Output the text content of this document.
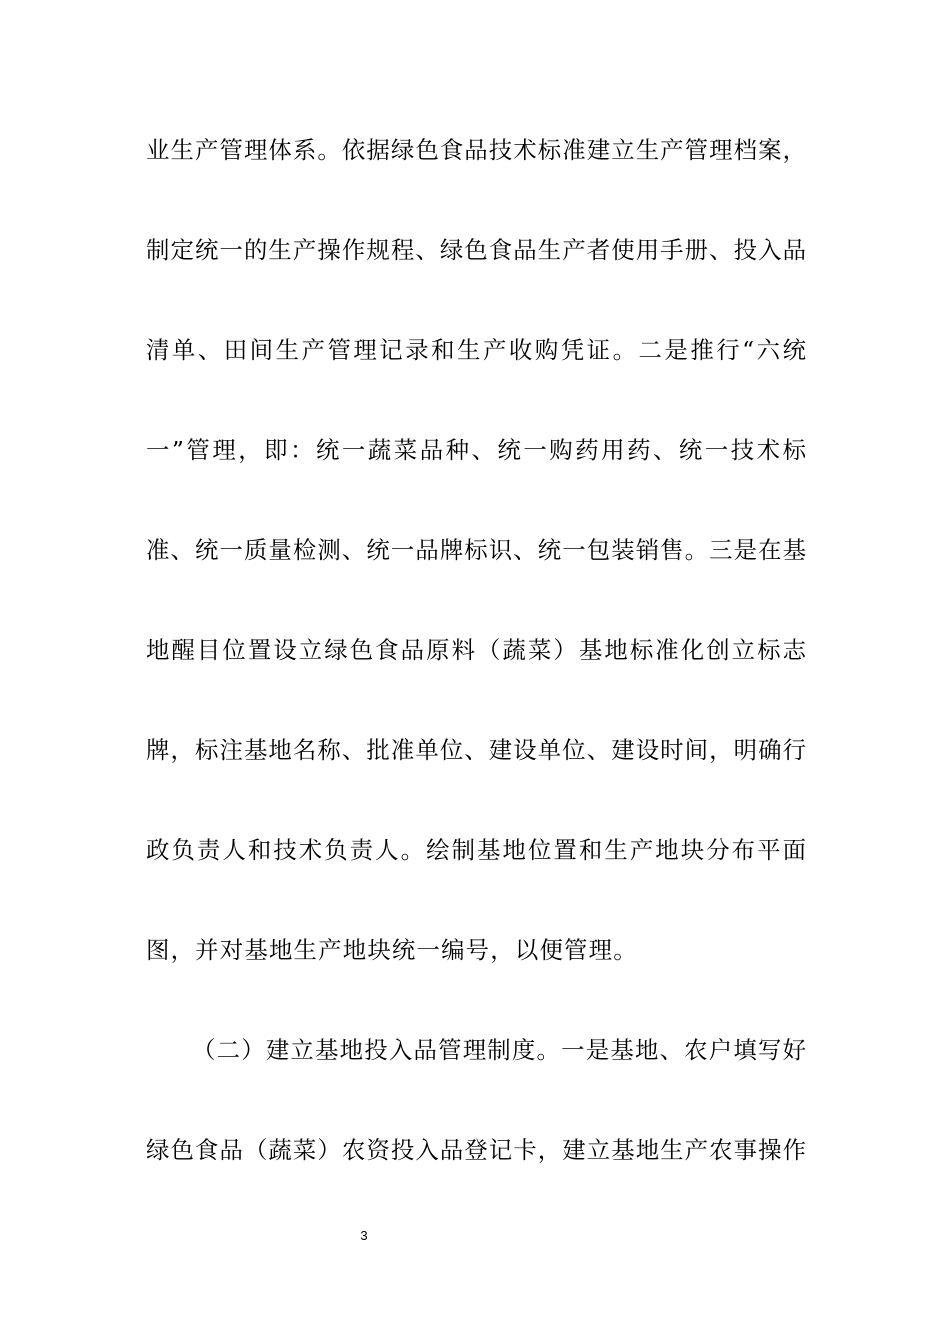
业生产管理体系。依据绿色食品技术标准建立生产管理档案，
制定统一的生产操作规程、绿色食品生产者使用手册、投入品
清单、田间生产管理记录和生产收购凭证。二是推行“六统
一”管理，即：统一蔬菜品种、统一购药用药、统一技术标
准、统一质量检测、统一品牌标识、统一包装销售。三是在基
地醒目位置设立绿色食品原料（蔬菜）基地标准化创立标志
牌，标注基地名称、批准单位、建设单位、建设时间，明确行
政负责人和技术负责人。绘制基地位置和生产地块分布平面
图，并对基地生产地块统一编号，以便管理。
（二）建立基地投入品管理制度。一是基地、农户填写好
绿色食品（蔬菜）农资投入品登记卡，建立基地生产农事操作
3
